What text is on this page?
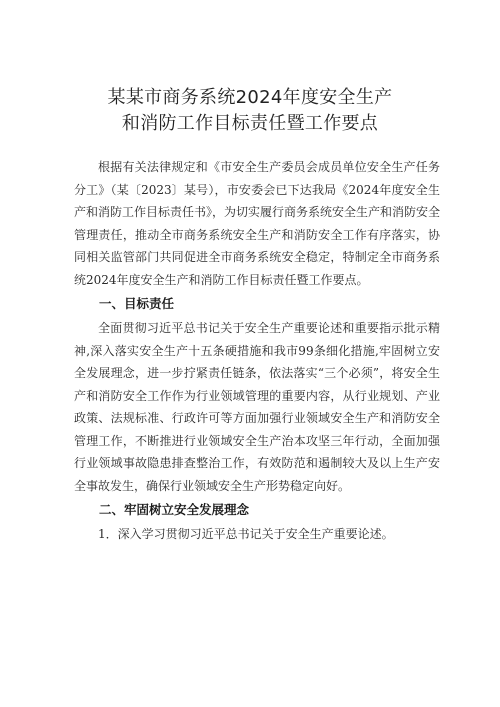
某某市商务系统2024年度安全生产
和消防工作目标责任暨工作要点

根据有关法律规定和《市安全生产委员会成员单位安全生产任务分工》（某〔2023〕某号），市安委会已下达我局《2024年度安全生产和消防工作目标责任书》，为切实履行商务系统安全生产和消防安全管理责任，推动全市商务系统安全生产和消防安全工作有序落实，协同相关监管部门共同促进全市商务系统安全稳定，特制定全市商务系统2024年度安全生产和消防工作目标责任暨工作要点。

一、目标责任

全面贯彻习近平总书记关于安全生产重要论述和重要指示批示精神,深入落实安全生产十五条硬措施和我市99条细化措施,牢固树立安全发展理念，进一步拧紧责任链条，依法落实“三个必须”，将安全生产和消防安全工作作为行业领域管理的重要内容，从行业规划、产业政策、法规标准、行政许可等方面加强行业领域安全生产和消防安全管理工作，不断推进行业领域安全生产治本攻坚三年行动，全面加强行业领域事故隐患排查整治工作，有效防范和遏制较大及以上生产安全事故发生，确保行业领域安全生产形势稳定向好。

二、牢固树立安全发展理念

1．深入学习贯彻习近平总书记关于安全生产重要论述。
